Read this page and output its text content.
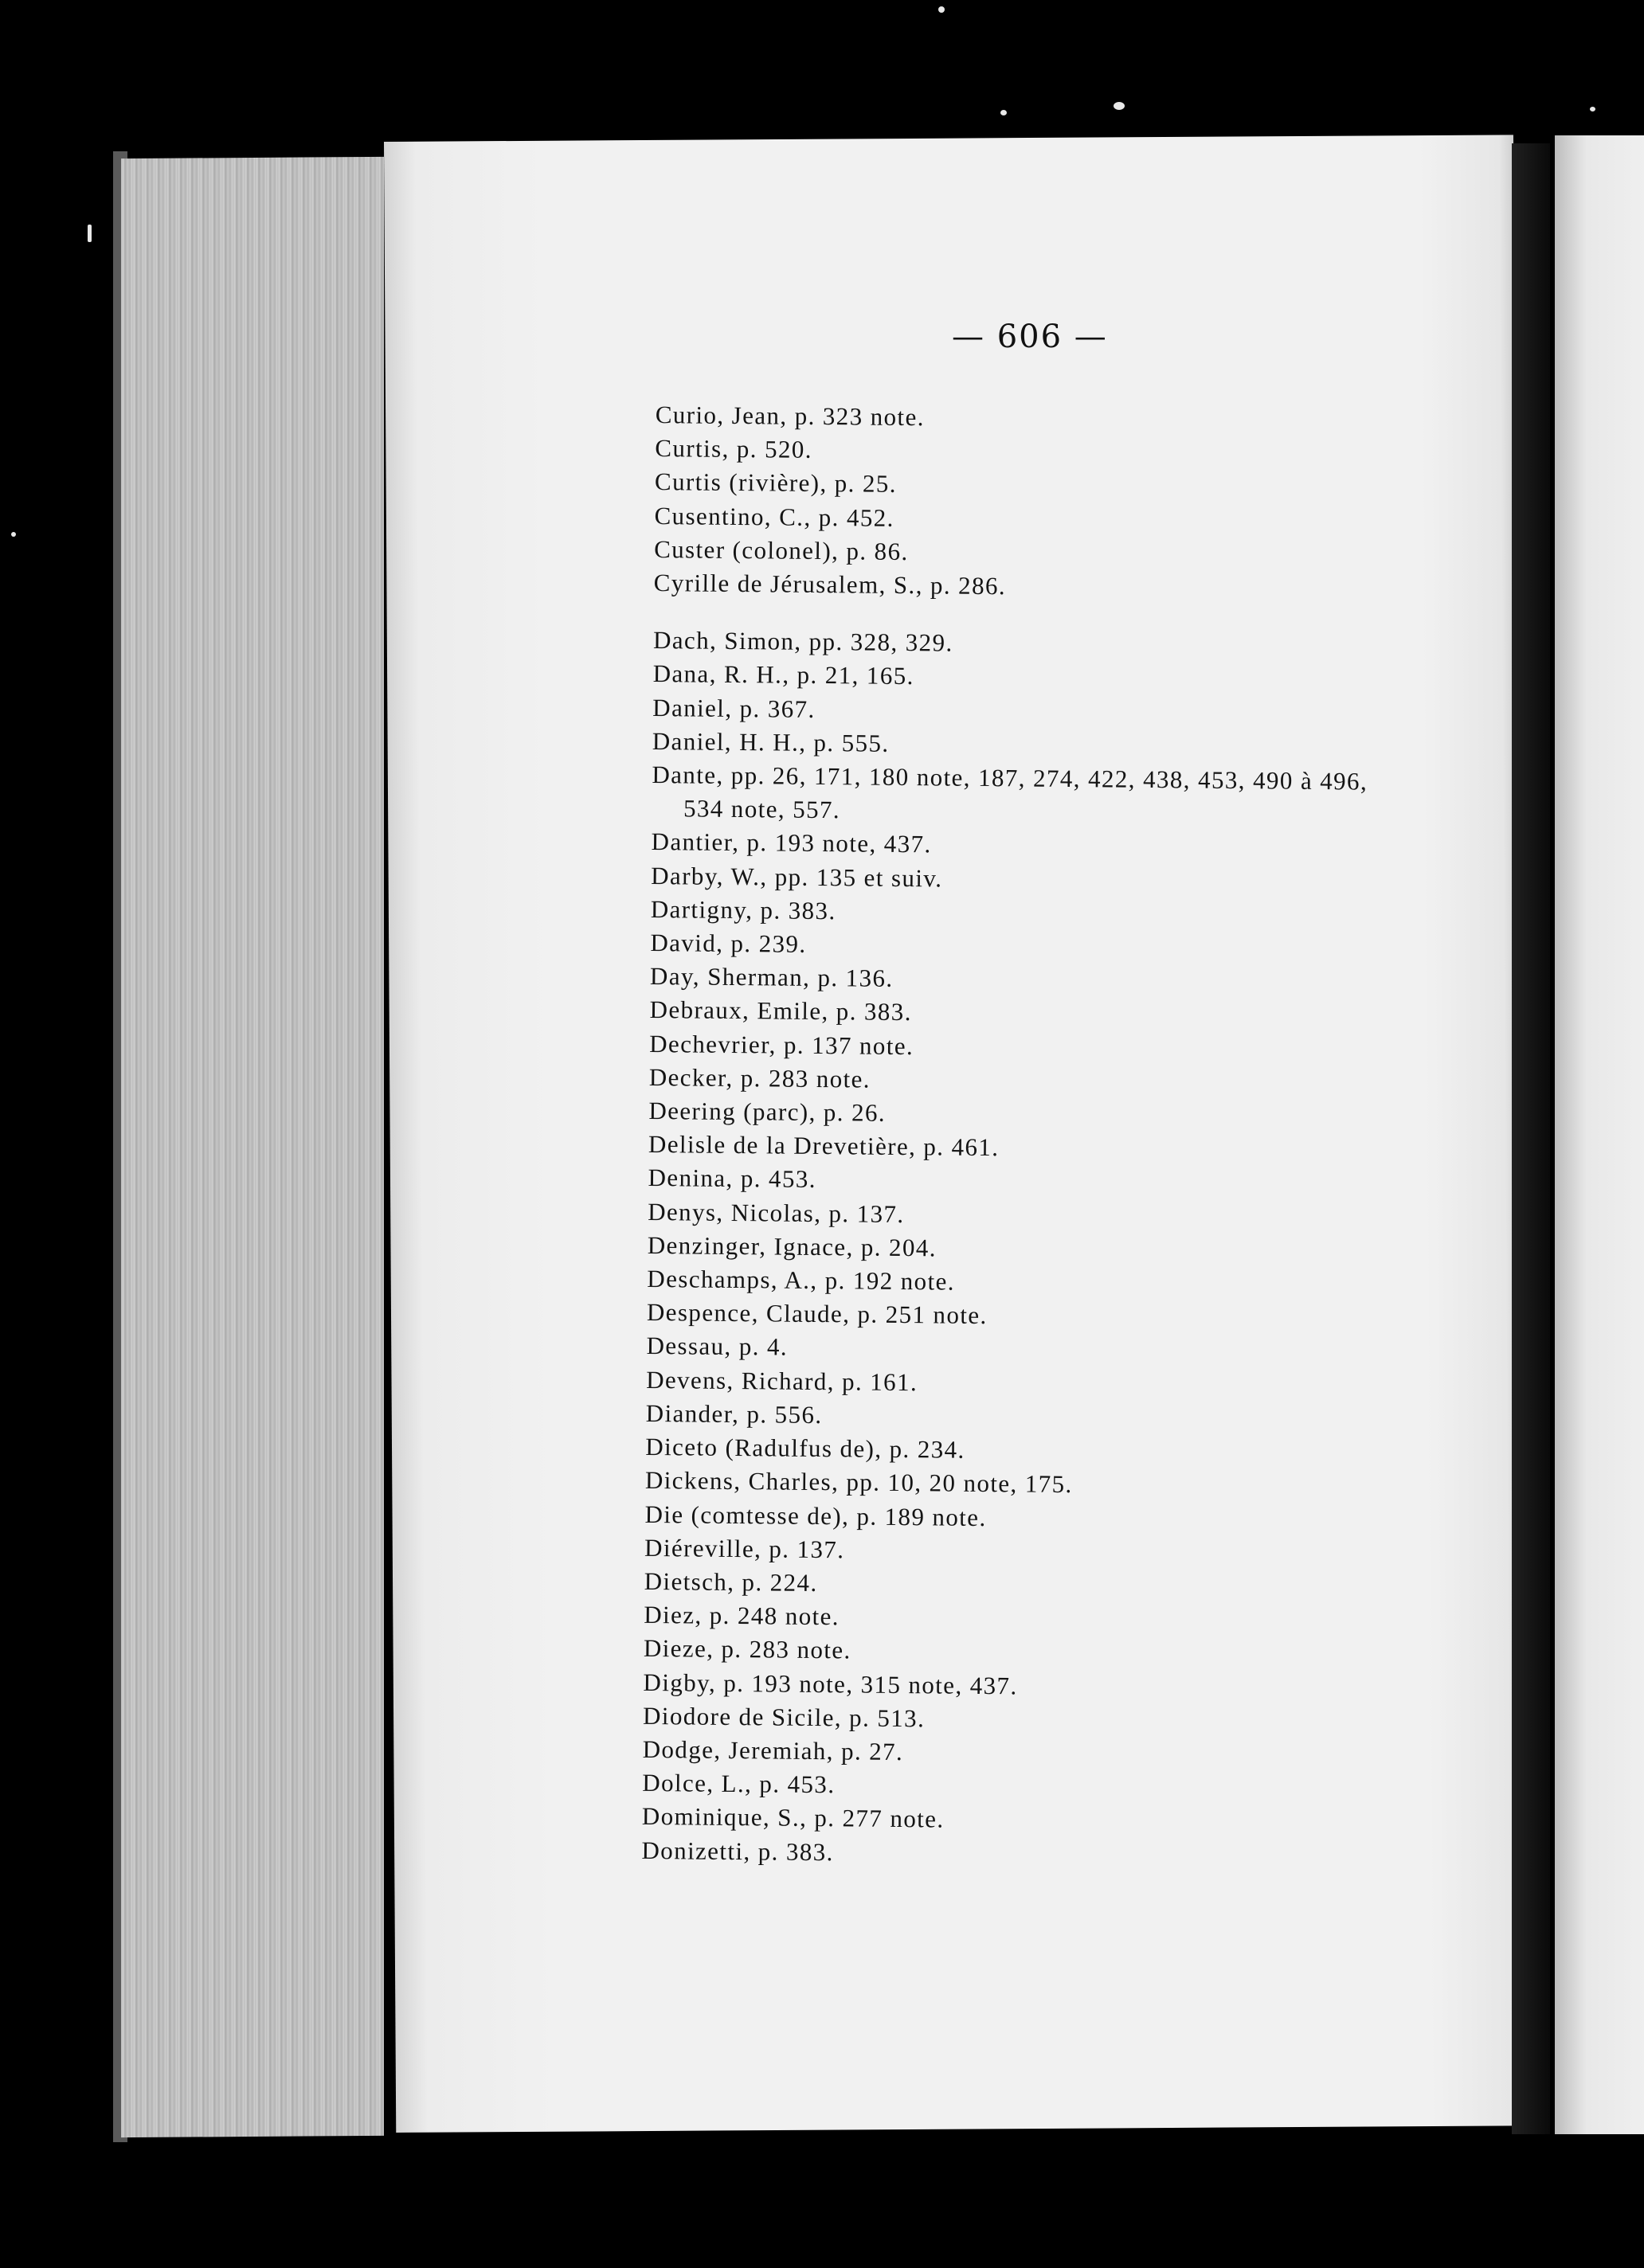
— 606 —
Curio, Jean, p. 323 note.
Curtis, p. 520.
Curtis (rivière), p. 25.
Cusentino, C., p. 452.
Custer (colonel), p. 86.
Cyrille de Jérusalem, S., p. 286.
Dach, Simon, pp. 328, 329.
Dana, R. H., p. 21, 165.
Daniel, p. 367.
Daniel, H. H., p. 555.
Dante, pp. 26, 171, 180 note, 187, 274, 422, 438, 453, 490 à 496,
534 note, 557.
Dantier, p. 193 note, 437.
Darby, W., pp. 135 et suiv.
Dartigny, p. 383.
David, p. 239.
Day, Sherman, p. 136.
Debraux, Emile, p. 383.
Dechevrier, p. 137 note.
Decker, p. 283 note.
Deering (parc), p. 26.
Delisle de la Drevetière, p. 461.
Denina, p. 453.
Denys, Nicolas, p. 137.
Denzinger, Ignace, p. 204.
Deschamps, A., p. 192 note.
Despence, Claude, p. 251 note.
Dessau, p. 4.
Devens, Richard, p. 161.
Diander, p. 556.
Diceto (Radulfus de), p. 234.
Dickens, Charles, pp. 10, 20 note, 175.
Die (comtesse de), p. 189 note.
Diéreville, p. 137.
Dietsch, p. 224.
Diez, p. 248 note.
Dieze, p. 283 note.
Digby, p. 193 note, 315 note, 437.
Diodore de Sicile, p. 513.
Dodge, Jeremiah, p. 27.
Dolce, L., p. 453.
Dominique, S., p. 277 note.
Donizetti, p. 383.
